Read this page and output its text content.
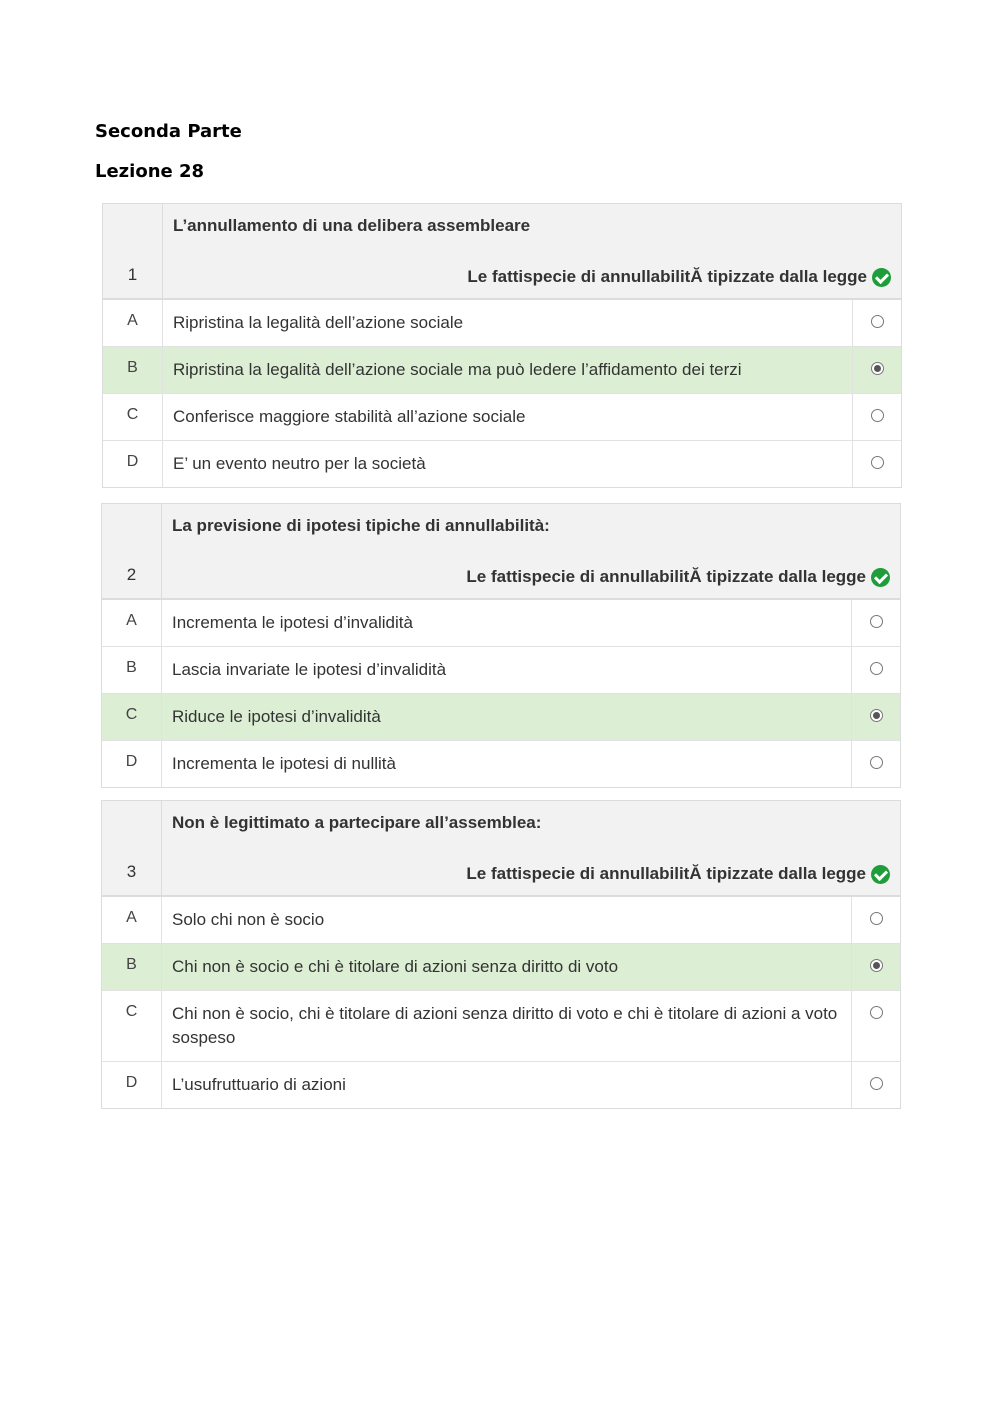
Seconda Parte
Lezione 28
1
L’annullamento di una delibera assembleare
Le fattispecie di annullabilitĂ tipizzate dalla legge
A	Ripristina la legalità dell’azione sociale
B	Ripristina la legalità dell’azione sociale ma può ledere l’affidamento dei terzi
C	Conferisce maggiore stabilità all’azione sociale
D	E’ un evento neutro per la società
2
La previsione di ipotesi tipiche di annullabilità:
Le fattispecie di annullabilitĂ tipizzate dalla legge
A	Incrementa le ipotesi d’invalidità
B	Lascia invariate le ipotesi d’invalidità
C	Riduce le ipotesi d’invalidità
D	Incrementa le ipotesi di nullità
3
Non è legittimato a partecipare all’assemblea:
Le fattispecie di annullabilitĂ tipizzate dalla legge
A	Solo chi non è socio
B	Chi non è socio e chi è titolare di azioni senza diritto di voto
C	Chi non è socio, chi è titolare di azioni senza diritto di voto e chi è titolare di azioni a voto sospeso
D	L’usufruttuario di azioni
